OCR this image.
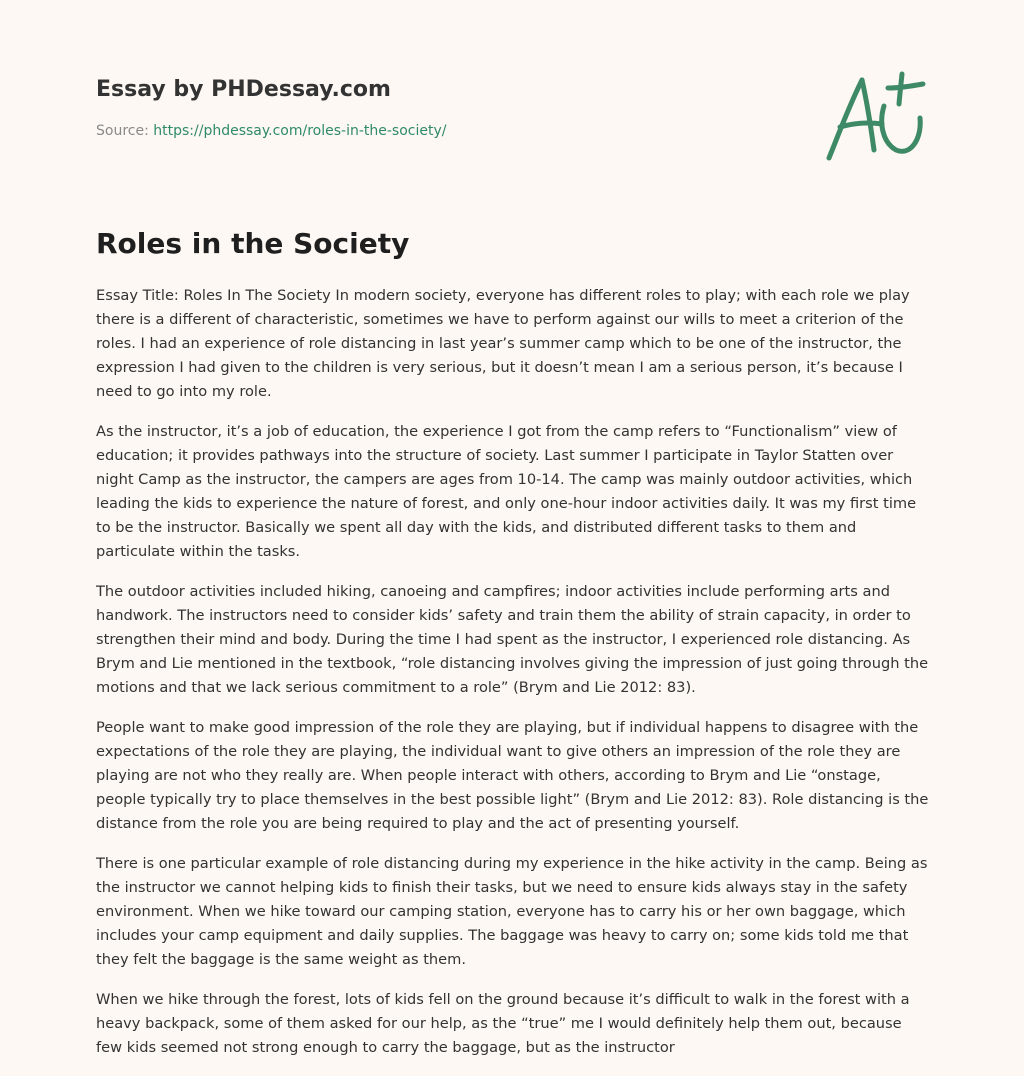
Essay by PHDessay.com
Source: https://phdessay.com/roles-in-the-society/
Roles in the Society

Essay Title: Roles In The Society In modern society, everyone has different roles to play; with each role we play there is a different of characteristic, sometimes we have to perform against our wills to meet a criterion of the roles. I had an experience of role distancing in last year’s summer camp which to be one of the instructor, the expression I had given to the children is very serious, but it doesn’t mean I am a serious person, it’s because I need to go into my role.

As the instructor, it’s a job of education, the experience I got from the camp refers to “Functionalism” view of education; it provides pathways into the structure of society. Last summer I participate in Taylor Statten over night Camp as the instructor, the campers are ages from 10-14. The camp was mainly outdoor activities, which leading the kids to experience the nature of forest, and only one-hour indoor activities daily. It was my first time to be the instructor. Basically we spent all day with the kids, and distributed different tasks to them and particulate within the tasks.

The outdoor activities included hiking, canoeing and campfires; indoor activities include performing arts and handwork. The instructors need to consider kids’ safety and train them the ability of strain capacity, in order to strengthen their mind and body. During the time I had spent as the instructor, I experienced role distancing. As Brym and Lie mentioned in the textbook, “role distancing involves giving the impression of just going through the motions and that we lack serious commitment to a role” (Brym and Lie 2012: 83).

People want to make good impression of the role they are playing, but if individual happens to disagree with the expectations of the role they are playing, the individual want to give others an impression of the role they are playing are not who they really are. When people interact with others, according to Brym and Lie “onstage, people typically try to place themselves in the best possible light” (Brym and Lie 2012: 83). Role distancing is the distance from the role you are being required to play and the act of presenting yourself.

There is one particular example of role distancing during my experience in the hike activity in the camp. Being as the instructor we cannot helping kids to finish their tasks, but we need to ensure kids always stay in the safety environment. When we hike toward our camping station, everyone has to carry his or her own baggage, which includes your camp equipment and daily supplies. The baggage was heavy to carry on; some kids told me that they felt the baggage is the same weight as them.

When we hike through the forest, lots of kids fell on the ground because it’s difficult to walk in the forest with a heavy backpack, some of them asked for our help, as the “true” me I would definitely help them out, because few kids seemed not strong enough to carry the baggage, but as the instructor
